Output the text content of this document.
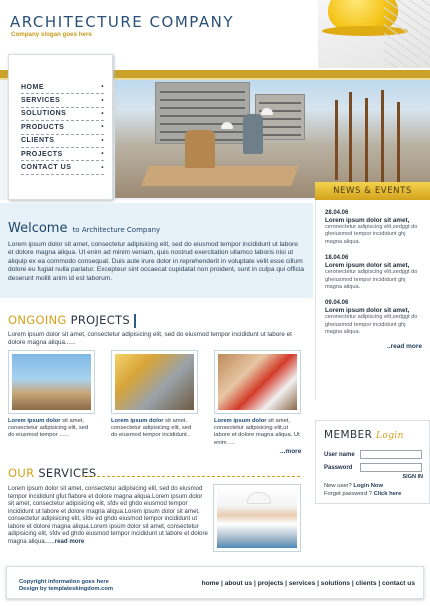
ARCHITECTURE COMPANY
Company slogan goes here
HOME	•
SERVICES	•
SOLUTIONS	•
PRODUCTS	•
CLIENTS	•
PROJECTS	•
CONTACT US	•
NEWS & EVENTS
28.04.06
Lorem ipsum dolor sit amet,
ceronectetur adipiscing elit,sedggt do gheiusmod tempor incididunt ghj magna aliqua.
18.04.06
Lorem ipsum dolor sit amet,
ceronectetur adipiscing elit,sedggt do gheiusmod tempor incididunt ghj magna aliqua.
09.04.06
Lorem ipsum dolor sit amet,
ceronectetur adipiscing elit,sedggt do gheiusmod tempor incididunt ghj magna aliqua.
..read more
Welcome to Architecture Company
Lorem ipsum dolor sit amet, consectetur adipisicing elit, sed do eiusmod tempor incididunt ut labore et dolore magna aliqua. Ut enim ad minim veniam, quis nostrud exercitation ullamco laboris nisi ut aliquip ex ea commodo consequat. Duis aute irure dolor in reprehenderit in voluptate velit esse cillum dolore eu fugiat nulla pariatur. Excepteur sint occaecat cupidatat non proident, sunt in culpa qui officia deserunt mollit anim id est laborum.
ONGOING PROJECTS
Lorem ipsum dolor sit amet, consectetur adipisicing elit, sed do eiusmod tempor incididunt ut labore et dolore magna aliqua......
Lorem ipsum dolor sit amet, consectetur adipisicing elit, sed do eiusmod tempor ......
Lorem ipsum dolor sit amet, consectetur adipisicing elit, sed do eiusmod tempor incididunt..
Lorem ipsum dolor sit amet, consectetur adipisicing elit,ut labore et dolore magna aliqua. Ut enim ....
...more
OUR SERVICES
Lorem ipsum dolor sit amet, consectetur adipisicing elit, sed do eiusmod tempor incididunt gfut flabore et dolore magna aliqua.Lorem ipsum dolor sit amet, consectetur adipisicing elit, sfdv ed ghdo eiusmod tempor incididunt ut labore et dolore magna aliqua.Lorem ipsum dolor sit amet, consectetur adipisicing elit, sfdv ed ghdo eiusmod tempor incididunt ut labore et dolore magna aliqua.Lorem ipsum dolor sit amet, consectetur adipisicing elit, sfdv ed ghdo eiusmod tempor incididunt ut labore et dolore magna aliqua......read more
MEMBER Login
User name
Password
SIGN IN
New user? Login Now
Forgot password ? Click here
Copyright information goes here
Design by templateskingdom.com
home | about us | projects | services | solutions | clients | contact us
